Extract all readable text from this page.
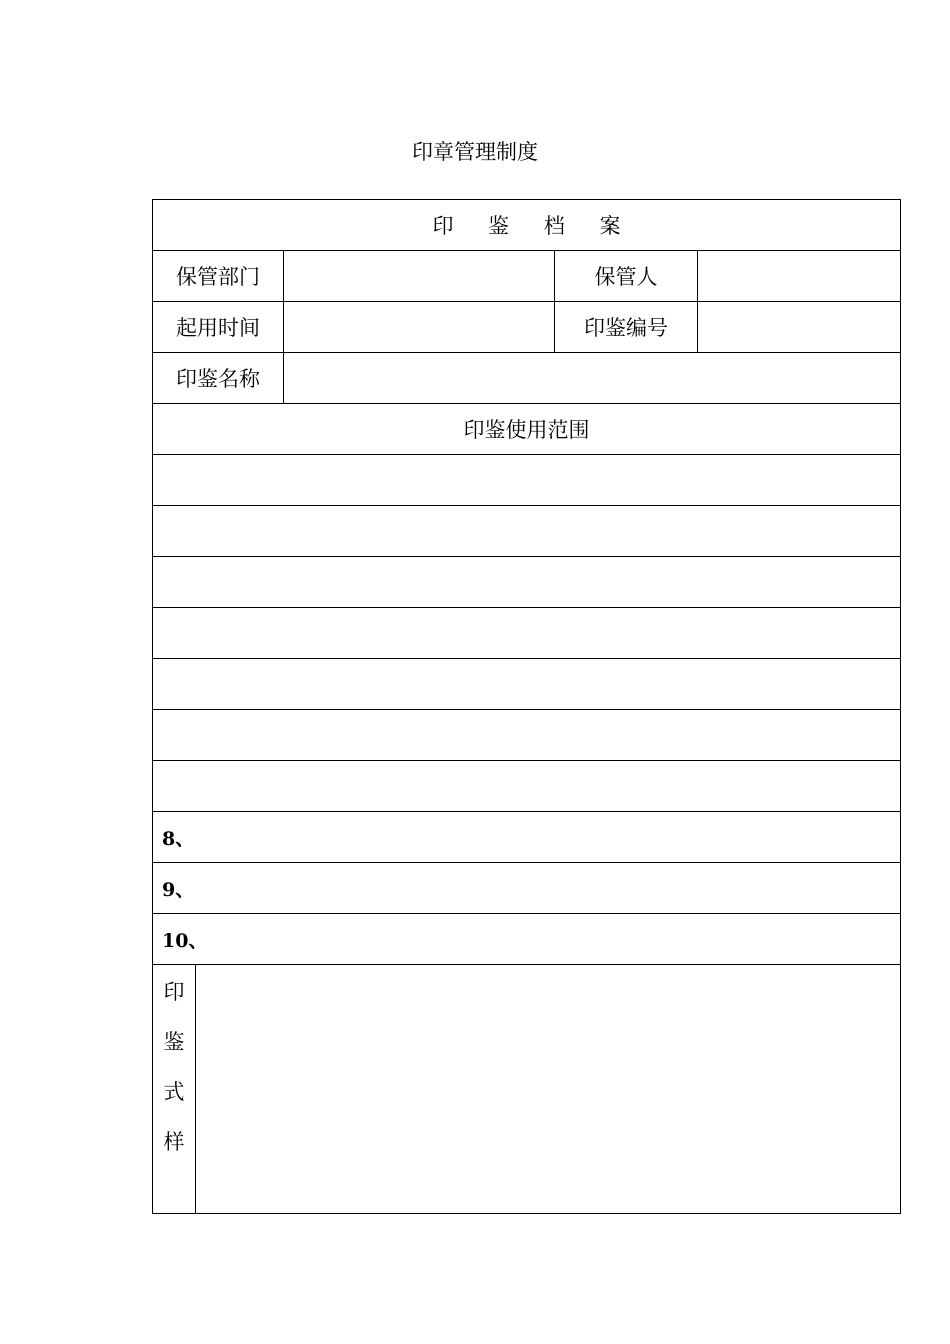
印章管理制度
印 鉴 档 案				
保管部门			保管人	
起用时间			印鉴编号	
印鉴名称				
印鉴使用范围				

8、				
9、				
10、				

印
鉴
式
样				
